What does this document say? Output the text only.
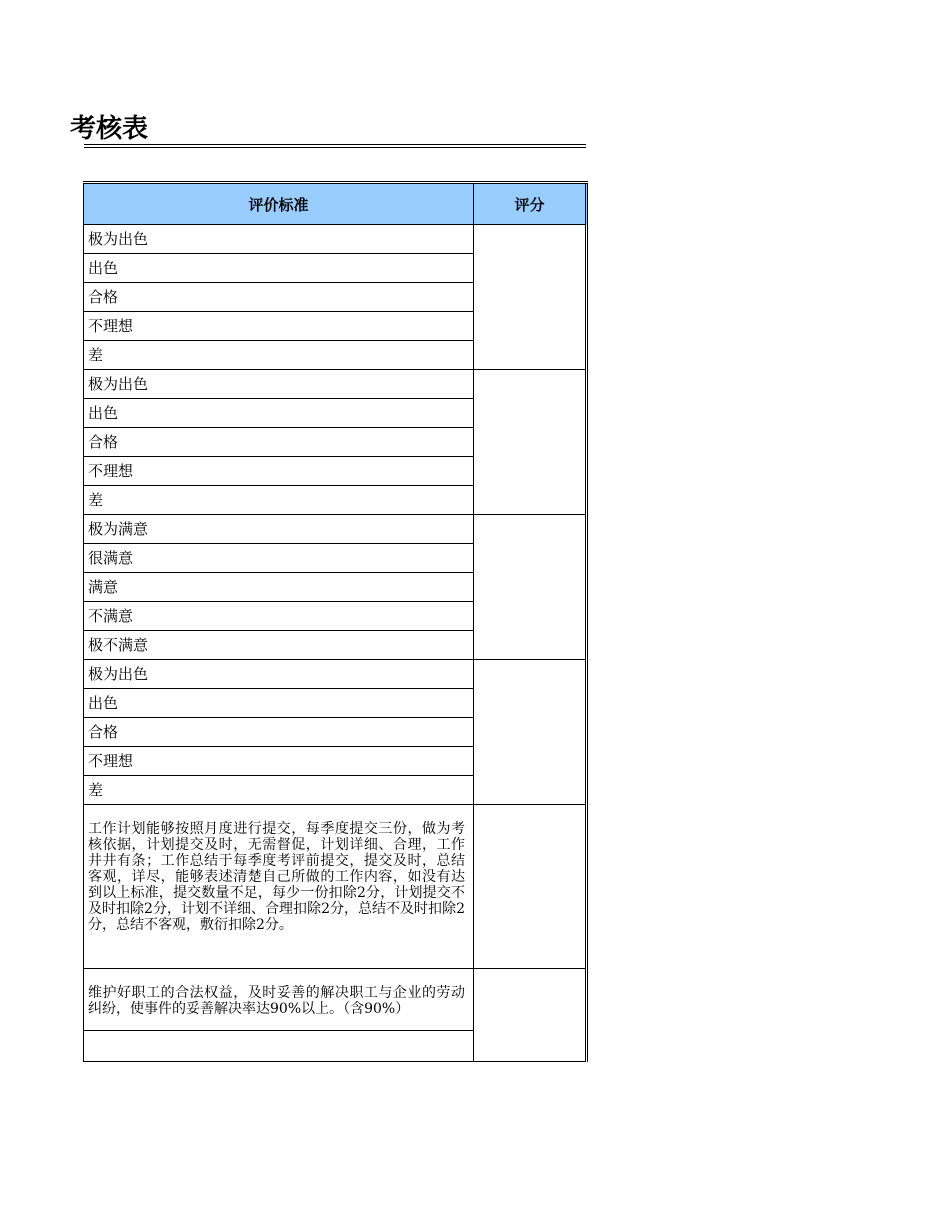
考核表
评价标准	评分	
极为出色		
出色		
合格		
不理想		
差		
极为出色		
出色		
合格		
不理想		
差		
极为满意		
很满意		
满意		
不满意		
极不满意		
极为出色		
出色		
合格		
不理想		
差		
工作计划能够按照月度进行提交，每季度提交三份，做为考核依据，计划提交及时，无需督促，计划详细、合理，工作井井有条；工作总结于每季度考评前提交，提交及时，总结客观，详尽，能够表述清楚自己所做的工作内容，如没有达到以上标准，提交数量不足，每少一份扣除2分，计划提交不及时扣除2分，计划不详细、合理扣除2分，总结不及时扣除2分，总结不客观，敷衍扣除2分。		
维护好职工的合法权益，及时妥善的解决职工与企业的劳动纠纷，使事件的妥善解决率达90%以上。（含90%）		
